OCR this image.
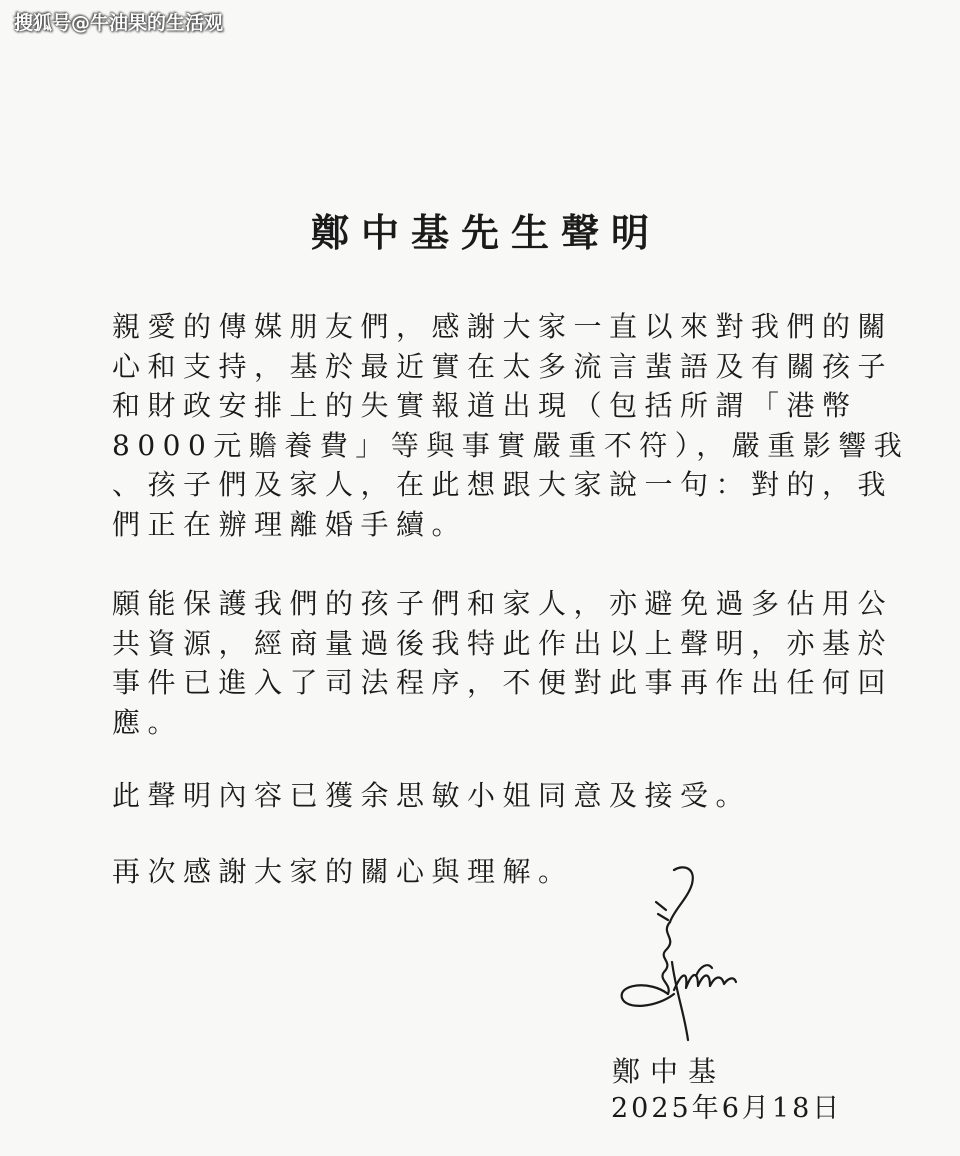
搜狐号@牛油果的生活观
鄭中基先生聲明
親愛的傳媒朋友們，感謝大家一直以來對我們的關
心和支持，基於最近實在太多流言蜚語及有關孩子
和財政安排上的失實報道出現（包括所謂「港幣
8000元贍養費」等與事實嚴重不符），嚴重影響我
、孩子們及家人，在此想跟大家說一句：對的，我
們正在辦理離婚手續。
願能保護我們的孩子們和家人，亦避免過多佔用公
共資源，經商量過後我特此作出以上聲明，亦基於
事件已進入了司法程序，不便對此事再作出任何回
應。
此聲明內容已獲余思敏小姐同意及接受。
再次感謝大家的關心與理解。
鄭中基
2025年6月18日
